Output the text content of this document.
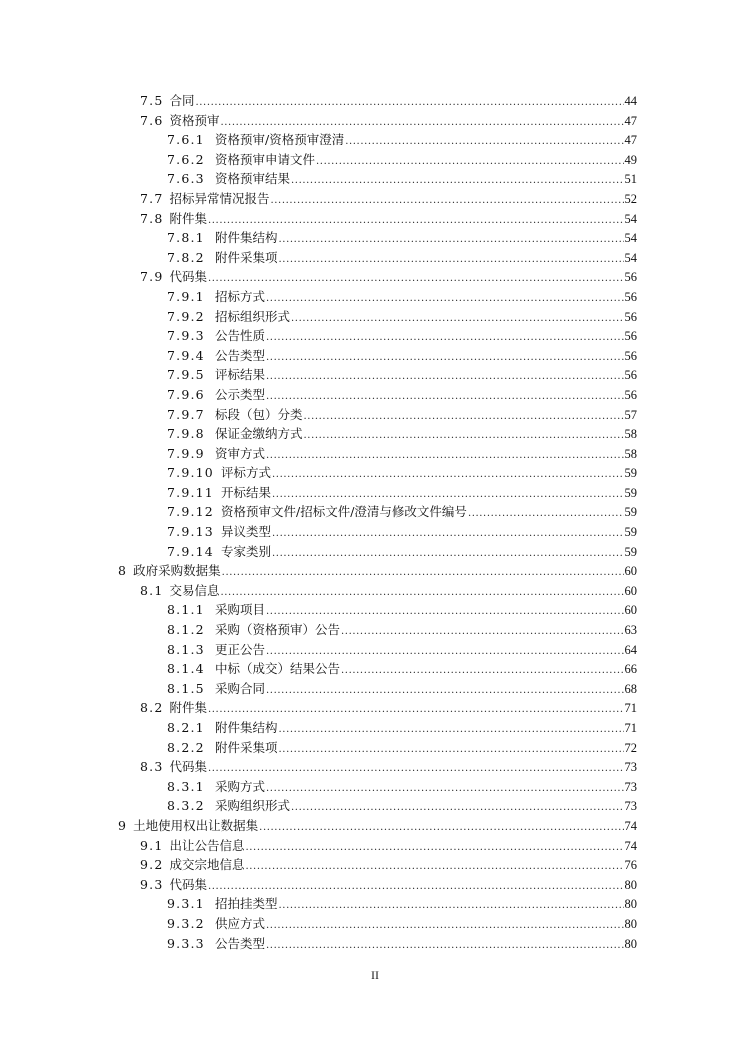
7.5 合同 .....	44
7.6 资格预审 .....	47
7.6.1 资格预审/资格预审澄清 .....	47
7.6.2 资格预审申请文件 .....	49
7.6.3 资格预审结果 .....	51
7.7 招标异常情况报告 .....	52
7.8 附件集 .....	54
7.8.1 附件集结构 .....	54
7.8.2 附件采集项 .....	54
7.9 代码集 .....	56
7.9.1 招标方式 .....	56
7.9.2 招标组织形式 .....	56
7.9.3 公告性质 .....	56
7.9.4 公告类型 .....	56
7.9.5 评标结果 .....	56
7.9.6 公示类型 .....	56
7.9.7 标段（包）分类 .....	57
7.9.8 保证金缴纳方式 .....	58
7.9.9 资审方式 .....	58
7.9.10 评标方式 .....	59
7.9.11 开标结果 .....	59
7.9.12 资格预审文件/招标文件/澄清与修改文件编号 .....	59
7.9.13 异议类型 .....	59
7.9.14 专家类别 .....	59
8 政府采购数据集 .....	60
8.1 交易信息 .....	60
8.1.1 采购项目 .....	60
8.1.2 采购（资格预审）公告 .....	63
8.1.3 更正公告 .....	64
8.1.4 中标（成交）结果公告 .....	66
8.1.5 采购合同 .....	68
8.2 附件集 .....	71
8.2.1 附件集结构 .....	71
8.2.2 附件采集项 .....	72
8.3 代码集 .....	73
8.3.1 采购方式 .....	73
8.3.2 采购组织形式 .....	73
9 土地使用权出让数据集 .....	74
9.1 出让公告信息 .....	74
9.2 成交宗地信息 .....	76
9.3 代码集 .....	80
9.3.1 招拍挂类型 .....	80
9.3.2 供应方式 .....	80
9.3.3 公告类型 .....	80
II
